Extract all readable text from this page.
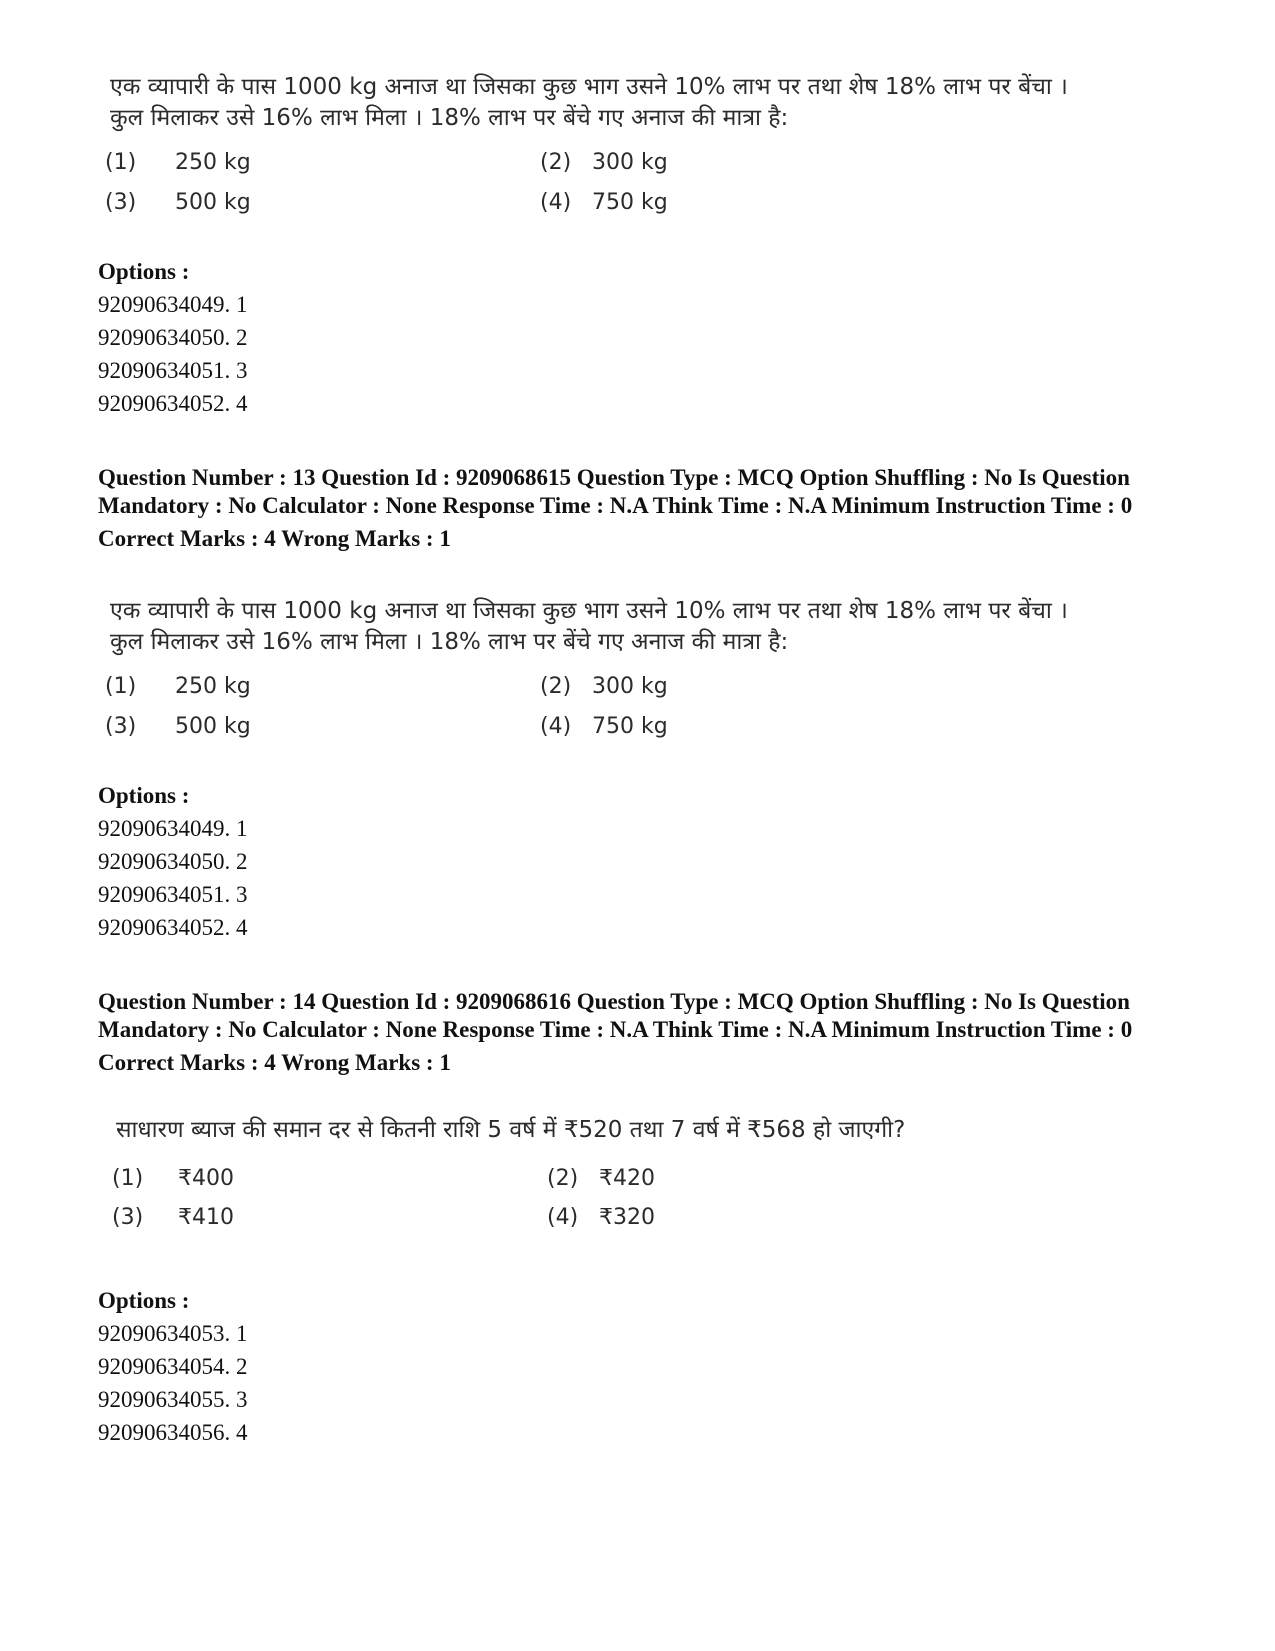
एक व्यापारी के पास 1000 kg अनाज था जिसका कुछ भाग उसने 10% लाभ पर तथा शेष 18% लाभ पर बेंचा । कुल मिलाकर उसे 16% लाभ मिला । 18% लाभ पर बेंचे गए अनाज की मात्रा है:

(1) 250 kg	(2) 300 kg
(3) 500 kg	(4) 750 kg
Options :
92090634049. 1
92090634050. 2
92090634051. 3
92090634052. 4
Question Number : 13 Question Id : 9209068615 Question Type : MCQ Option Shuffling : No Is Question Mandatory : No Calculator : None Response Time : N.A Think Time : N.A Minimum Instruction Time : 0
Correct Marks : 4 Wrong Marks : 1

एक व्यापारी के पास 1000 kg अनाज था जिसका कुछ भाग उसने 10% लाभ पर तथा शेष 18% लाभ पर बेंचा । कुल मिलाकर उसे 16% लाभ मिला । 18% लाभ पर बेंचे गए अनाज की मात्रा है:

(1) 250 kg	(2) 300 kg
(3) 500 kg	(4) 750 kg
Options :
92090634049. 1
92090634050. 2
92090634051. 3
92090634052. 4
Question Number : 14 Question Id : 9209068616 Question Type : MCQ Option Shuffling : No Is Question Mandatory : No Calculator : None Response Time : N.A Think Time : N.A Minimum Instruction Time : 0
Correct Marks : 4 Wrong Marks : 1

साधारण ब्याज की समान दर से कितनी राशि 5 वर्ष में ₹520 तथा 7 वर्ष में ₹568 हो जाएगी?

(1) ₹400	(2) ₹420
(3) ₹410	(4) ₹320
Options :
92090634053. 1
92090634054. 2
92090634055. 3
92090634056. 4
